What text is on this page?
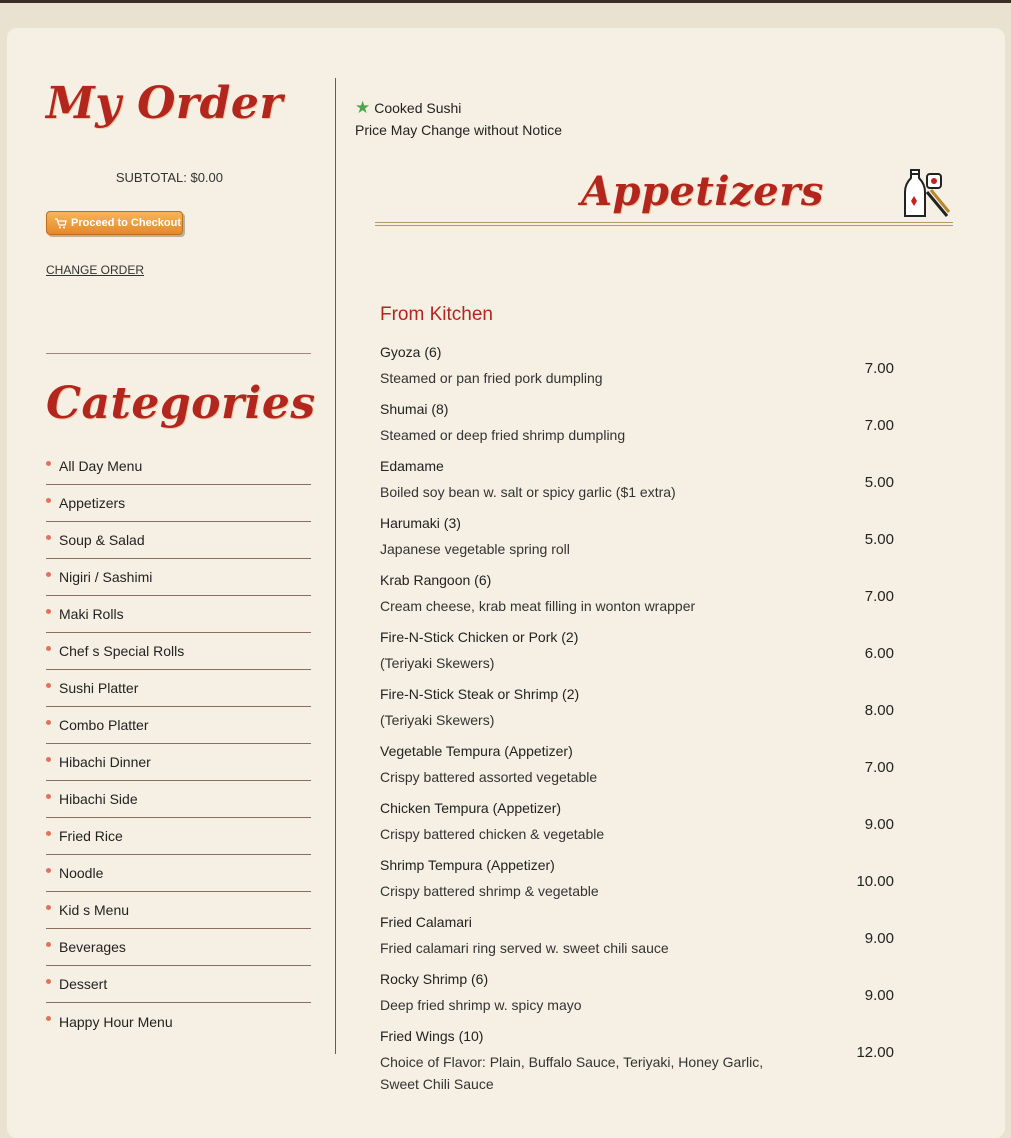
My Order
SUBTOTAL: $0.00
Proceed to Checkout
CHANGE ORDER
Categories
All Day Menu
Appetizers
Soup & Salad
Nigiri / Sashimi
Maki Rolls
Chef s Special Rolls
Sushi Platter
Combo Platter
Hibachi Dinner
Hibachi Side
Fried Rice
Noodle
Kid s Menu
Beverages
Dessert
Happy Hour Menu
★ Cooked Sushi
Price May Change without Notice
Appetizers
From Kitchen
Gyoza (6)
Steamed or pan fried pork dumpling
7.00
Shumai (8)
Steamed or deep fried shrimp dumpling
7.00
Edamame
Boiled soy bean w. salt or spicy garlic ($1 extra)
5.00
Harumaki (3)
Japanese vegetable spring roll
5.00
Krab Rangoon (6)
Cream cheese, krab meat filling in wonton wrapper
7.00
Fire-N-Stick Chicken or Pork (2)
(Teriyaki Skewers)
6.00
Fire-N-Stick Steak or Shrimp (2)
(Teriyaki Skewers)
8.00
Vegetable Tempura (Appetizer)
Crispy battered assorted vegetable
7.00
Chicken Tempura (Appetizer)
Crispy battered chicken & vegetable
9.00
Shrimp Tempura (Appetizer)
Crispy battered shrimp & vegetable
10.00
Fried Calamari
Fried calamari ring served w. sweet chili sauce
9.00
Rocky Shrimp (6)
Deep fried shrimp w. spicy mayo
9.00
Fried Wings (10)
Choice of Flavor: Plain, Buffalo Sauce, Teriyaki, Honey Garlic, Sweet Chili Sauce
12.00
